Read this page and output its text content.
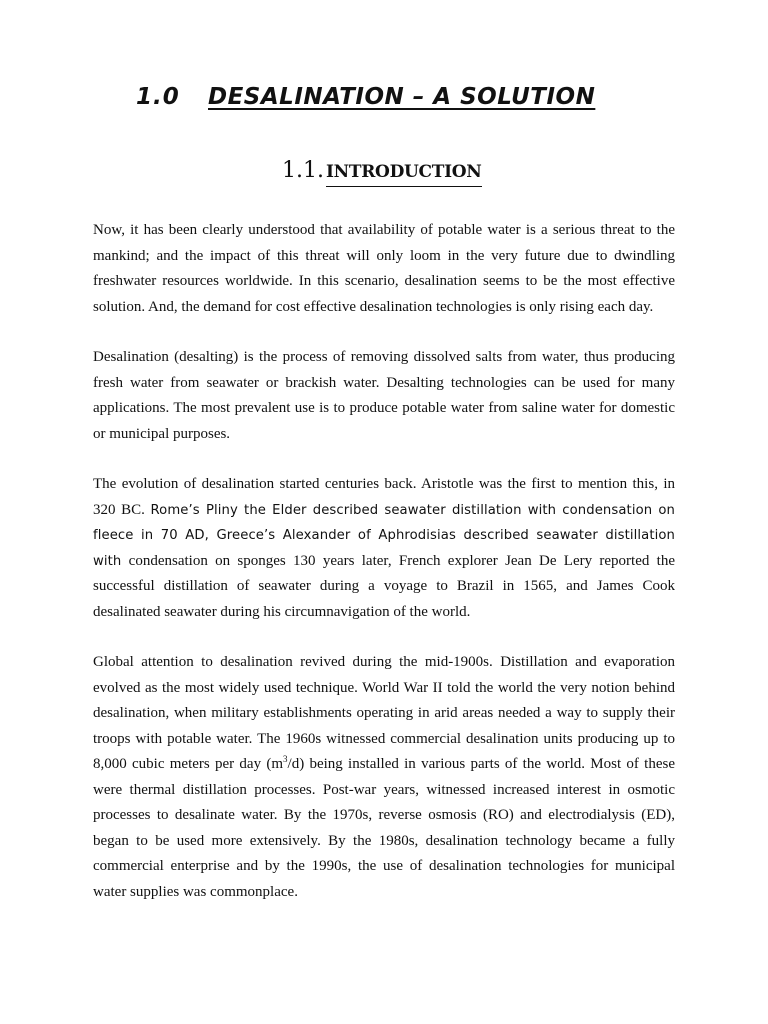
1.0 DESALINATION – A SOLUTION
1.1. INTRODUCTION

Now, it has been clearly understood that availability of potable water is a serious threat to the mankind; and the impact of this threat will only loom in the very future due to dwindling freshwater resources worldwide. In this scenario, desalination seems to be the most effective solution. And, the demand for cost effective desalination technologies is only rising each day.

Desalination (desalting) is the process of removing dissolved salts from water, thus producing fresh water from seawater or brackish water. Desalting technologies can be used for many applications. The most prevalent use is to produce potable water from saline water for domestic or municipal purposes.

The evolution of desalination started centuries back. Aristotle was the first to mention this, in 320 BC. Rome’s Pliny the Elder described seawater distillation with condensation on fleece in 70 AD, Greece’s Alexander of Aphrodisias described seawater distillation with condensation on sponges 130 years later, French explorer Jean De Lery reported the successful distillation of seawater during a voyage to Brazil in 1565, and James Cook desalinated seawater during his circumnavigation of the world.

Global attention to desalination revived during the mid-1900s. Distillation and evaporation evolved as the most widely used technique. World War II told the world the very notion behind desalination, when military establishments operating in arid areas needed a way to supply their troops with potable water. The 1960s witnessed commercial desalination units producing up to 8,000 cubic meters per day $(m^3/d)$ being installed in various parts of the world. Most of these were thermal distillation processes. Post-war years, witnessed increased interest in osmotic processes to desalinate water. By the 1970s, reverse osmosis (RO) and electrodialysis (ED), began to be used more extensively. By the 1980s, desalination technology became a fully commercial enterprise and by the 1990s, the use of desalination technologies for municipal water supplies was commonplace.
